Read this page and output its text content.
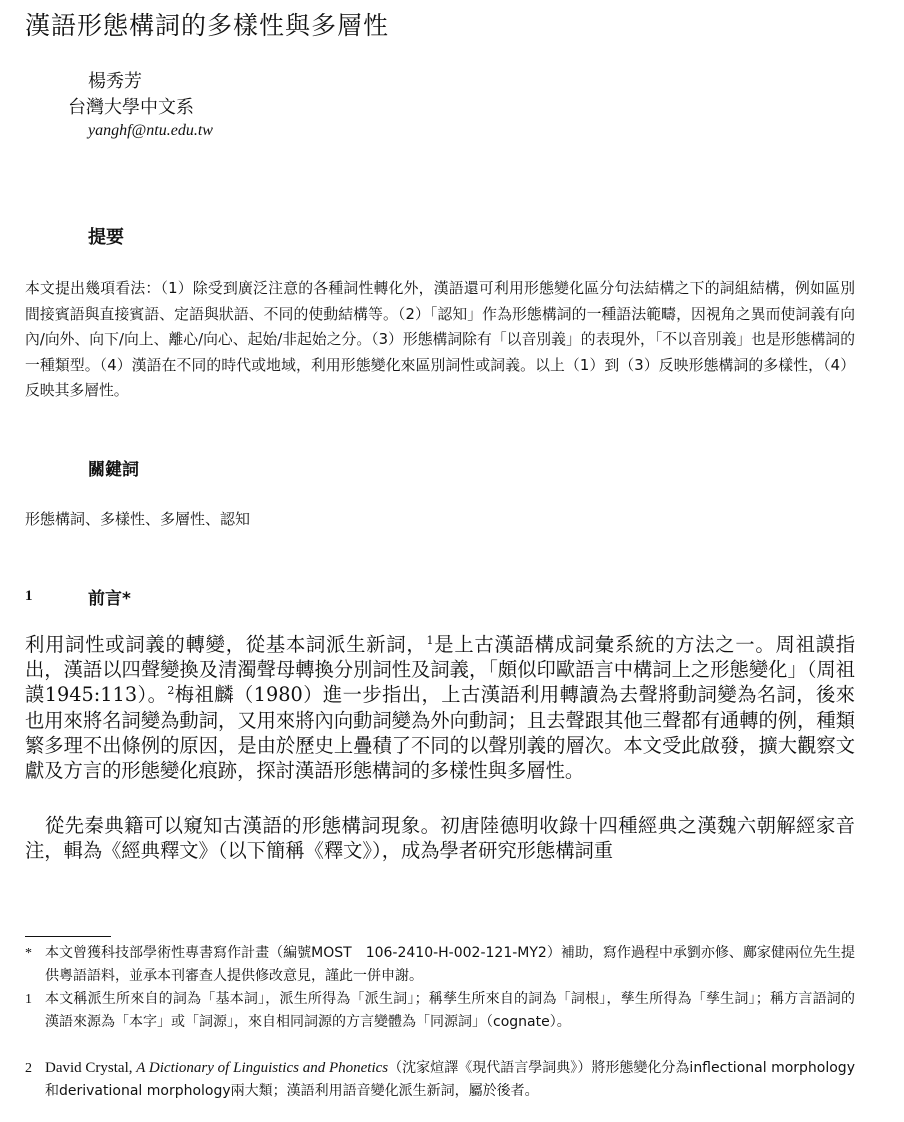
漢語形態構詞的多樣性與多層性
楊秀芳
台灣大學中文系
yanghf@ntu.edu.tw
提要

本文提出幾項看法：（1）除受到廣泛注意的各種詞性轉化外，漢語還可利用形態變化區分句法結構之下的詞組結構，例如區別間接賓語與直接賓語、定語與狀語、不同的使動結構等。（2）「認知」作為形態構詞的一種語法範疇，因視角之異而使詞義有向內/向外、向下/向上、離心/向心、起始/非起始之分。（3）形態構詞除有「以音別義」的表現外，「不以音別義」也是形態構詞的一種類型。（4）漢語在不同的時代或地域，利用形態變化來區別詞性或詞義。以上（1）到（3）反映形態構詞的多樣性，（4）反映其多層性。

關鍵詞
形態構詞、多樣性、多層性、認知
1	前言*

利用詞性或詞義的轉變，從基本詞派生新詞，$^1$是上古漢語構成詞彙系統的方法之一。周祖謨指出，漢語以四聲變換及清濁聲母轉換分別詞性及詞義，「頗似印歐語言中構詞上之形態變化」（周祖謨1945:113）。$^2$梅祖麟（1980）進一步指出，上古漢語利用轉讀為去聲將動詞變為名詞，後來也用來將名詞變為動詞，又用來將內向動詞變為外向動詞；且去聲跟其他三聲都有通轉的例，種類繁多理不出條例的原因，是由於歷史上疊積了不同的以聲別義的層次。本文受此啟發，擴大觀察文獻及方言的形態變化痕跡，探討漢語形態構詞的多樣性與多層性。

從先秦典籍可以窺知古漢語的形態構詞現象。初唐陸德明收錄十四種經典之漢魏六朝解經家音注，輯為《經典釋文》（以下簡稱《釋文》），成為學者研究形態構詞重

* 本文曾獲科技部學術性專書寫作計畫（編號MOST　106-2410-H-002-121-MY2）補助，寫作過程中承劉亦修、鄺家健兩位先生提供粵語語料，並承本刊審查人提供修改意見，謹此一併申謝。
1 本文稱派生所來自的詞為「基本詞」，派生所得為「派生詞」；稱孳生所來自的詞為「詞根」，孳生所得為「孳生詞」；稱方言語詞的漢語來源為「本字」或「詞源」，來自相同詞源的方言變體為「同源詞」（cognate）。
2 David Crystal, A Dictionary of Linguistics and Phonetics（沈家煊譯《現代語言學詞典》）將形態變化分為inflectional morphology和derivational morphology兩大類；漢語利用語音變化派生新詞，屬於後者。
